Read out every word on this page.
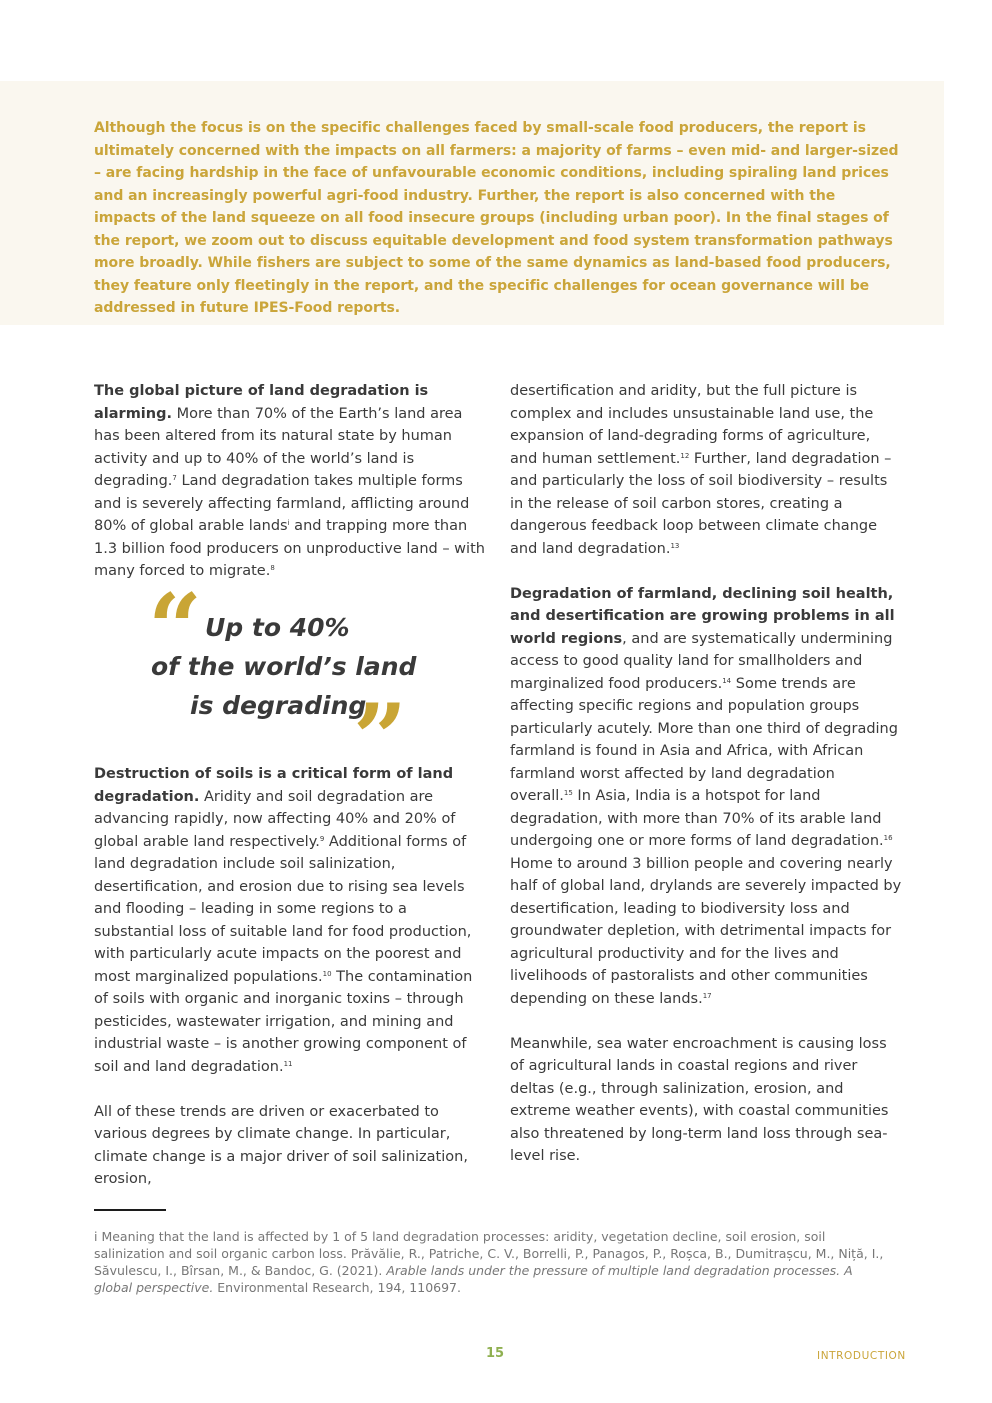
Although the focus is on the specific challenges faced by small-scale food producers, the report is ultimately concerned with the impacts on all farmers: a majority of farms – even mid- and larger-sized – are facing hardship in the face of unfavourable economic conditions, including spiraling land prices and an increasingly powerful agri-food industry. Further, the report is also concerned with the impacts of the land squeeze on all food insecure groups (including urban poor). In the final stages of the report, we zoom out to discuss equitable development and food system transformation pathways more broadly. While fishers are subject to some of the same dynamics as land-based food producers, they feature only fleetingly in the report, and the specific challenges for ocean governance will be addressed in future IPES-Food reports.

The global picture of land degradation is alarming. More than 70% of the Earth’s land area has been altered from its natural state by human activity and up to 40% of the world’s land is degrading.$^7$ Land degradation takes multiple forms and is severely affecting farmland, afflicting around 80% of global arable lands$^i$ and trapping more than 1.3 billion food producers on unproductive land – with many forced to migrate.$^8$

Destruction of soils is a critical form of land degradation. Aridity and soil degradation are advancing rapidly, now affecting 40% and 20% of global arable land respectively.$^9$ Additional forms of land degradation include soil salinization, desertification, and erosion due to rising sea levels and flooding – leading in some regions to a substantial loss of suitable land for food production, with particularly acute impacts on the poorest and most marginalized populations.$^{10}$ The contamination of soils with organic and inorganic toxins – through pesticides, wastewater irrigation, and mining and industrial waste – is another growing component of soil and land degradation.$^{11}$

All of these trends are driven or exacerbated to various degrees by climate change. In particular, climate change is a major driver of soil salinization, erosion,

“ Up to 40%
of the world’s land
is degrading
”

desertification and aridity, but the full picture is complex and includes unsustainable land use, the expansion of land-degrading forms of agriculture, and human settlement.$^{12}$ Further, land degradation – and particularly the loss of soil biodiversity – results in the release of soil carbon stores, creating a dangerous feedback loop between climate change and land degradation.$^{13}$

Degradation of farmland, declining soil health, and desertification are growing problems in all world regions, and are systematically undermining access to good quality land for smallholders and marginalized food producers.$^{14}$ Some trends are affecting specific regions and population groups particularly acutely. More than one third of degrading farmland is found in Asia and Africa, with African farmland worst affected by land degradation overall.$^{15}$ In Asia, India is a hotspot for land degradation, with more than 70% of its arable land undergoing one or more forms of land degradation.$^{16}$ Home to around 3 billion people and covering nearly half of global land, drylands are severely impacted by desertification, leading to biodiversity loss and groundwater depletion, with detrimental impacts for agricultural productivity and for the lives and livelihoods of pastoralists and other communities depending on these lands.$^{17}$

Meanwhile, sea water encroachment is causing loss of agricultural lands in coastal regions and river deltas (e.g., through salinization, erosion, and extreme weather events), with coastal communities also threatened by long-term land loss through sea-level rise.

i Meaning that the land is affected by 1 of 5 land degradation processes: aridity, vegetation decline, soil erosion, soil salinization and soil organic carbon loss. Prăvălie, R., Patriche, C. V., Borrelli, P., Panagos, P., Roșca, B., Dumitrașcu, M., Niță, I., Săvulescu, I., Bîrsan, M., & Bandoc, G. (2021). Arable lands under the pressure of multiple land degradation processes. A global perspective. Environmental Research, 194, 110697.

15	INTRODUCTION
